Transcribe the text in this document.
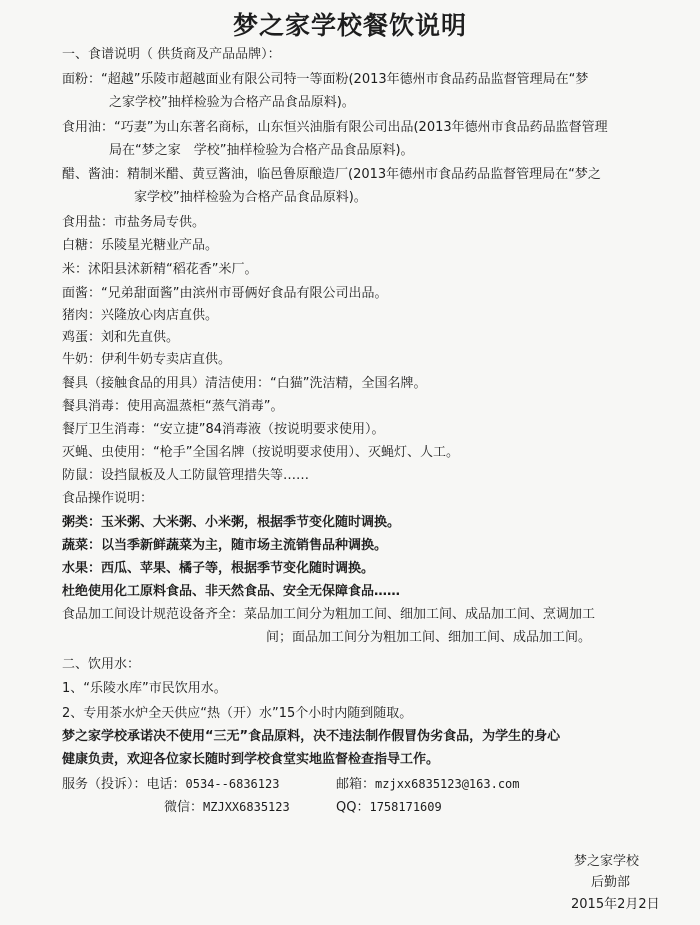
梦之家学校餐饮说明
一、食谱说明（ 供货商及产品品牌）：
面粉：“超越”乐陵市超越面业有限公司特一等面粉(2013年德州市食品药品监督管理局在“梦
之家学校”抽样检验为合格产品食品原料)。
食用油：“巧妻”为山东著名商标，山东恒兴油脂有限公司出品(2013年德州市食品药品监督管理
局在“梦之家　学校”抽样检验为合格产品食品原料)。
醋、酱油：精制米醋、黄豆酱油，临邑鲁原酿造厂(2013年德州市食品药品监督管理局在“梦之
家学校”抽样检验为合格产品食品原料)。
食用盐：市盐务局专供。
白糖：乐陵星光糖业产品。
米：沭阳县沭新精“稻花香”米厂。
面酱：“兄弟甜面酱”由滨州市哥俩好食品有限公司出品。
猪肉：兴隆放心肉店直供。
鸡蛋：刘和先直供。
牛奶：伊利牛奶专卖店直供。
餐具（接触食品的用具）清洁使用：“白猫”洗洁精，全国名牌。
餐具消毒：使用高温蒸柜“蒸气消毒”。
餐厅卫生消毒：“安立捷”84消毒液（按说明要求使用）。
灭蝇、虫使用：“枪手”全国名牌（按说明要求使用）、灭蝇灯、人工。
防鼠：设挡鼠板及人工防鼠管理措失等……
食品操作说明：
粥类：玉米粥、大米粥、小米粥，根据季节变化随时调换。
蔬菜：以当季新鲜蔬菜为主，随市场主流销售品种调换。
水果：西瓜、苹果、橘子等，根据季节变化随时调换。
杜绝使用化工原料食品、非天然食品、安全无保障食品……
食品加工间设计规范设备齐全：菜品加工间分为粗加工间、细加工间、成品加工间、烹调加工
间；面品加工间分为粗加工间、细加工间、成品加工间。
二、饮用水：
1、“乐陵水库”市民饮用水。
2、专用茶水炉全天供应“热（开）水”15个小时内随到随取。
梦之家学校承诺决不使用“三无”食品原料，决不违法制作假冒伪劣食品，为学生的身心
健康负责，欢迎各位家长随时到学校食堂实地监督检查指导工作。
服务（投诉）：电话：0534--6836123	邮箱：mzjxx6835123@163.com
微信：MZJXX6835123	QQ：1758171609
梦之家学校
后勤部
2015年2月2日
